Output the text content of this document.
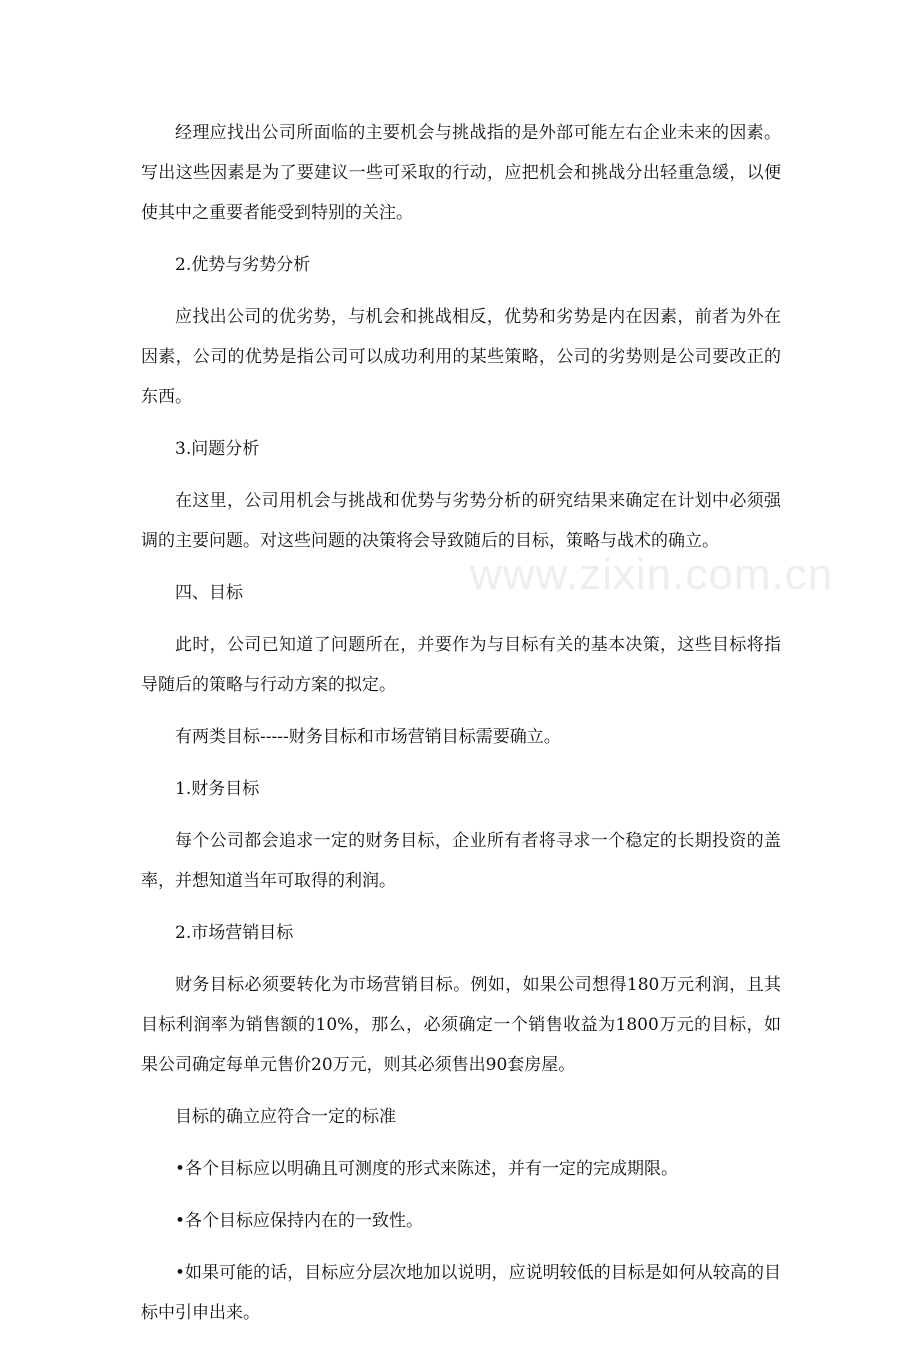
www.zixin.com.cn

经理应找出公司所面临的主要机会与挑战指的是外部可能左右企业未来的因素。写出这些因素是为了要建议一些可采取的行动，应把机会和挑战分出轻重急缓，以便使其中之重要者能受到特别的关注。

2.优势与劣势分析

应找出公司的优劣势，与机会和挑战相反，优势和劣势是内在因素，前者为外在因素，公司的优势是指公司可以成功利用的某些策略，公司的劣势则是公司要改正的东西。

3.问题分析

在这里，公司用机会与挑战和优势与劣势分析的研究结果来确定在计划中必须强调的主要问题。对这些问题的决策将会导致随后的目标，策略与战术的确立。

四、目标

此时，公司已知道了问题所在，并要作为与目标有关的基本决策，这些目标将指导随后的策略与行动方案的拟定。

有两类目标-----财务目标和市场营销目标需要确立。

1.财务目标

每个公司都会追求一定的财务目标，企业所有者将寻求一个稳定的长期投资的盖率，并想知道当年可取得的利润。

2.市场营销目标

财务目标必须要转化为市场营销目标。例如，如果公司想得180万元利润，且其目标利润率为销售额的10%，那么，必须确定一个销售收益为1800万元的目标，如果公司确定每单元售价20万元，则其必须售出90套房屋。

目标的确立应符合一定的标准

•各个目标应以明确且可测度的形式来陈述，并有一定的完成期限。

•各个目标应保持内在的一致性。

•如果可能的话，目标应分层次地加以说明，应说明较低的目标是如何从较高的目标中引申出来。
